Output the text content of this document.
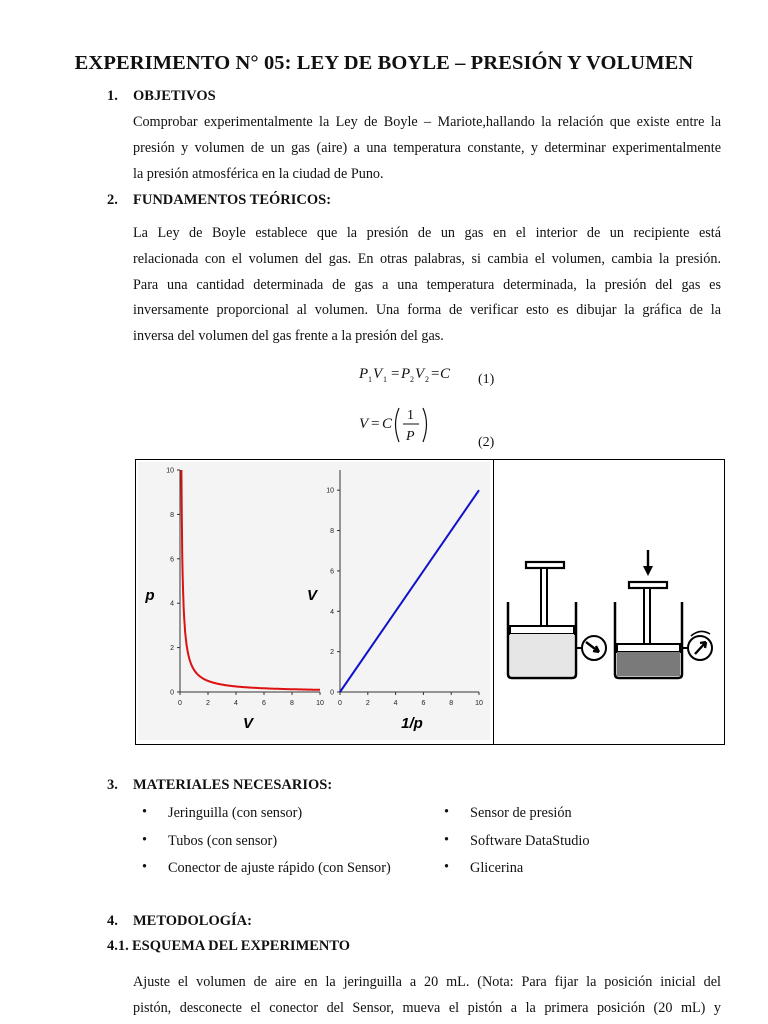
EXPERIMENTO N° 05: LEY DE BOYLE – PRESIÓN Y VOLUMEN
1. OBJETIVOS
Comprobar experimentalmente la Ley de Boyle – Mariote,hallando la relación que existe entre la
presión y volumen de un gas (aire) a una temperatura constante, y determinar experimentalmente
la presión atmosférica en la ciudad de Puno.
2. FUNDAMENTOS TEÓRICOS:
La Ley de Boyle establece que la presión de un gas en el interior de un recipiente está
relacionada con el volumen del gas. En otras palabras, si cambia el volumen, cambia la presión.
Para una cantidad determinada de gas a una temperatura determinada, la presión del gas es
inversamente proporcional al volumen. Una forma de verificar esto es dibujar la gráfica de la
inversa del volumen del gas frente a la presión del gas.
P 1 V 1 = P 2 V 2 = C (1)
V = C
1
P	(2)
0	2	4	6	8	10
0
2
4
6
8
10
V
p
0	2	4	6	8	10
0
2
4
6
8
10
1/p
V
3. MATERIALES NECESARIOS:
• Jeringuilla (con sensor)
• Tubos (con sensor)
• Conector de ajuste rápido (con Sensor)
• Sensor de presión
• Software DataStudio
• Glicerina
4. METODOLOGÍA:
4.1. ESQUEMA DEL EXPERIMENTO
Ajuste el volumen de aire en la jeringuilla a 20 mL. (Nota: Para fijar la posición inicial del
pistón, desconecte el conector del Sensor, mueva el pistón a la primera posición (20 mL) y
